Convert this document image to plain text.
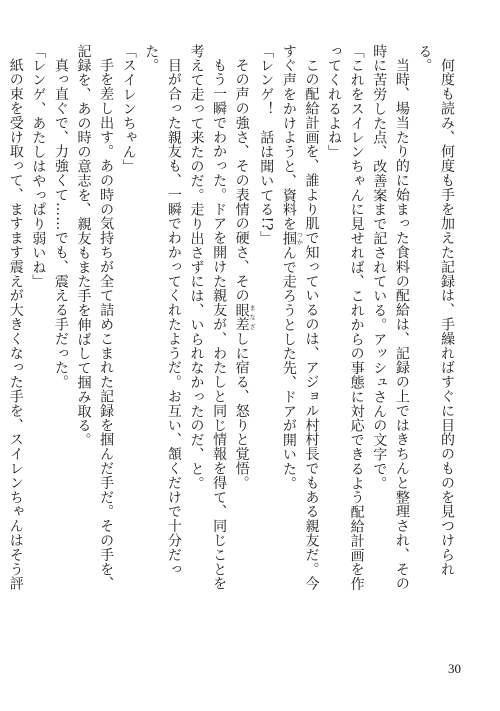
何度も読み、何度も手を加えた記録は、手繰ればすぐに目的のものを見つけられる。

当時、場当たり的に始まった食料の配給は、記録の上ではきちんと整理され、その時に苦労した点、改善案まで記されている。アッシュさんの文字で。

「これをスイレンちゃんに見せれば、これからの事態に対応できるよう配給計画を作ってくれるよね」

この配給計画を、誰より肌で知っているのは、アジョル村村長でもある親友だ。今すぐ声をかけようと、資料を掴つかんで走ろうとした先、ドアが開いた。

「レンゲ！　話は聞いてる!?」

その声の強さ、その表情の硬さ、その眼差まなざしに宿る、怒りと覚悟。

もう一瞬でわかった。ドアを開けた親友が、わたしと同じ情報を得て、同じことを考えて走って来たのだ。走り出さずには、いられなかったのだ、と。

目が合った親友も、一瞬でわかってくれたようだ。お互い、頷くだけで十分だった。

「スイレンちゃん」

手を差し出す。あの時の気持ちが全て詰めこまれた記録を掴んだ手だ。その手を、記録を、あの時の意志を、親友もまた手を伸ばして掴み取る。

真っ直ぐで、力強くて……でも、震える手だった。

「レンゲ、あたしはやっぱり弱いね」

紙の束を受け取って、ますます震えが大きくなった手を、スイレンちゃんはそう評

30
